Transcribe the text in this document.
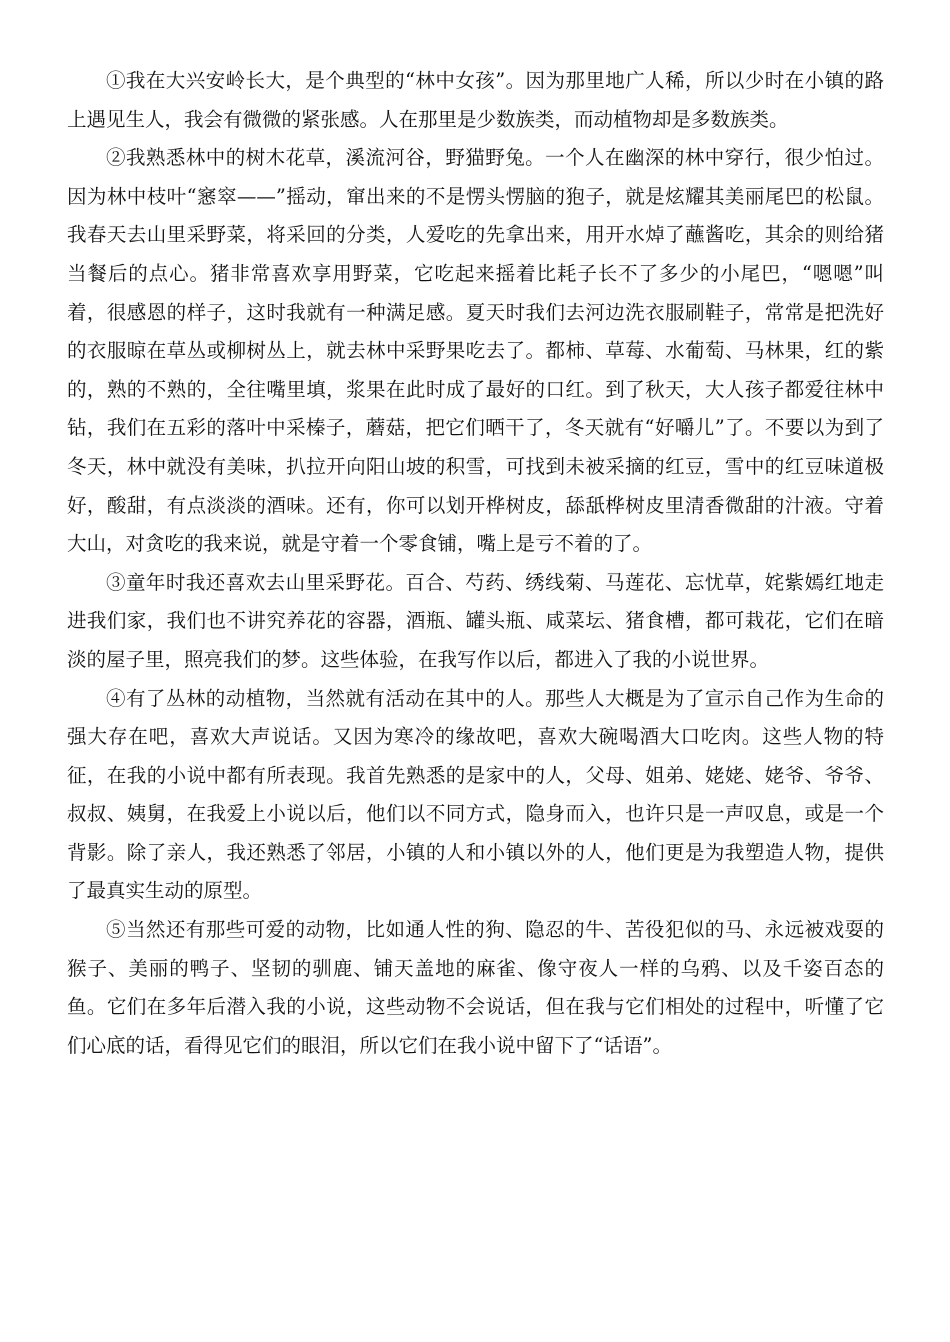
①我在大兴安岭长大，是个典型的“林中女孩”。因为那里地广人稀，所以少时在小镇的路上遇见生人，我会有微微的紧张感。人在那里是少数族类，而动植物却是多数族类。

②我熟悉林中的树木花草，溪流河谷，野猫野兔。一个人在幽深的林中穿行，很少怕过。因为林中枝叶“窸窣——”摇动，窜出来的不是愣头愣脑的狍子，就是炫耀其美丽尾巴的松鼠。我春天去山里采野菜，将采回的分类，人爱吃的先拿出来，用开水焯了蘸酱吃，其余的则给猪当餐后的点心。猪非常喜欢享用野菜，它吃起来摇着比耗子长不了多少的小尾巴，“嗯嗯”叫着，很感恩的样子，这时我就有一种满足感。夏天时我们去河边洗衣服刷鞋子，常常是把洗好的衣服晾在草丛或柳树丛上，就去林中采野果吃去了。都柿、草莓、水葡萄、马林果，红的紫的，熟的不熟的，全往嘴里填，浆果在此时成了最好的口红。到了秋天，大人孩子都爱往林中钻，我们在五彩的落叶中采榛子，蘑菇，把它们晒干了，冬天就有“好嚼儿”了。不要以为到了冬天，林中就没有美味，扒拉开向阳山坡的积雪，可找到未被采摘的红豆，雪中的红豆味道极好，酸甜，有点淡淡的酒味。还有，你可以划开桦树皮，舔舐桦树皮里清香微甜的汁液。守着大山，对贪吃的我来说，就是守着一个零食铺，嘴上是亏不着的了。

③童年时我还喜欢去山里采野花。百合、芍药、绣线菊、马莲花、忘忧草，姹紫嫣红地走进我们家，我们也不讲究养花的容器，酒瓶、罐头瓶、咸菜坛、猪食槽，都可栽花，它们在暗淡的屋子里，照亮我们的梦。这些体验，在我写作以后，都进入了我的小说世界。

④有了丛林的动植物，当然就有活动在其中的人。那些人大概是为了宣示自己作为生命的强大存在吧，喜欢大声说话。又因为寒冷的缘故吧，喜欢大碗喝酒大口吃肉。这些人物的特征，在我的小说中都有所表现。我首先熟悉的是家中的人，父母、姐弟、姥姥、姥爷、爷爷、叔叔、姨舅，在我爱上小说以后，他们以不同方式，隐身而入，也许只是一声叹息，或是一个背影。除了亲人，我还熟悉了邻居，小镇的人和小镇以外的人，他们更是为我塑造人物，提供了最真实生动的原型。

⑤当然还有那些可爱的动物，比如通人性的狗、隐忍的牛、苦役犯似的马、永远被戏耍的猴子、美丽的鸭子、坚韧的驯鹿、铺天盖地的麻雀、像守夜人一样的乌鸦、以及千姿百态的鱼。它们在多年后潜入我的小说，这些动物不会说话，但在我与它们相处的过程中，听懂了它们心底的话，看得见它们的眼泪，所以它们在我小说中留下了“话语”。
